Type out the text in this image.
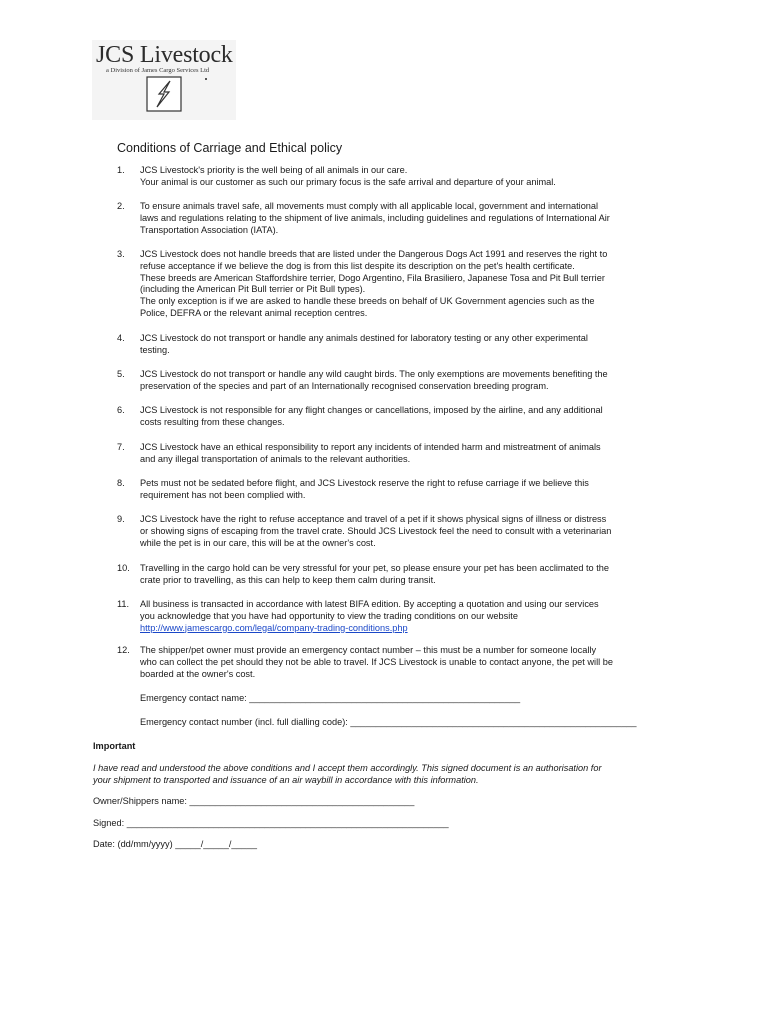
JCS Livestock
a Division of James Cargo Services Ltd
Conditions of Carriage and Ethical policy
1.	JCS Livestock's priority is the well being of all animals in our care.
Your animal is our customer as such our primary focus is the safe arrival and departure of your animal.
2.	To ensure animals travel safe, all movements must comply with all applicable local, government and international
laws and regulations relating to the shipment of live animals, including guidelines and regulations of International Air
Transportation Association (IATA).
3.	JCS Livestock does not handle breeds that are listed under the Dangerous Dogs Act 1991 and reserves the right to
refuse acceptance if we believe the dog is from this list despite its description on the pet's health certificate.
These breeds are American Staffordshire terrier, Dogo Argentino, Fila Brasiliero, Japanese Tosa and Pit Bull terrier
(including the American Pit Bull terrier or Pit Bull types).
The only exception is if we are asked to handle these breeds on behalf of UK Government agencies such as the
Police, DEFRA or the relevant animal reception centres.
4.	JCS Livestock do not transport or handle any animals destined for laboratory testing or any other experimental
testing.
5.	JCS Livestock do not transport or handle any wild caught birds. The only exemptions are movements benefiting the
preservation of the species and part of an Internationally recognised conservation breeding program.
6.	JCS Livestock is not responsible for any flight changes or cancellations, imposed by the airline, and any additional
costs resulting from these changes.
7.	JCS Livestock have an ethical responsibility to report any incidents of intended harm and mistreatment of animals
and any illegal transportation of animals to the relevant authorities.
8.	Pets must not be sedated before flight, and JCS Livestock reserve the right to refuse carriage if we believe this
requirement has not been complied with.
9.	JCS Livestock have the right to refuse acceptance and travel of a pet if it shows physical signs of illness or distress
or showing signs of escaping from the travel crate. Should JCS Livestock feel the need to consult with a veterinarian
while the pet is in our care, this will be at the owner's cost.
10.	Travelling in the cargo hold can be very stressful for your pet, so please ensure your pet has been acclimated to the
crate prior to travelling, as this can help to keep them calm during transit.
11.	All business is transacted in accordance with latest BIFA edition. By accepting a quotation and using our services
you acknowledge that you have had opportunity to view the trading conditions on our website
http://www.jamescargo.com/legal/company-trading-conditions.php
12.	The shipper/pet owner must provide an emergency contact number – this must be a number for someone locally
who can collect the pet should they not be able to travel. If JCS Livestock is unable to contact anyone, the pet will be
boarded at the owner's cost.
Emergency contact name: _____________________________________________________
Emergency contact number (incl. full dialling code): ________________________________________________________
Important
I have read and understood the above conditions and I accept them accordingly. This signed document is an authorisation for
your shipment to transported and issuance of an air waybill in accordance with this information.
Owner/Shippers name: ____________________________________________
Signed: _______________________________________________________________
Date: (dd/mm/yyyy) _____/_____/_____
